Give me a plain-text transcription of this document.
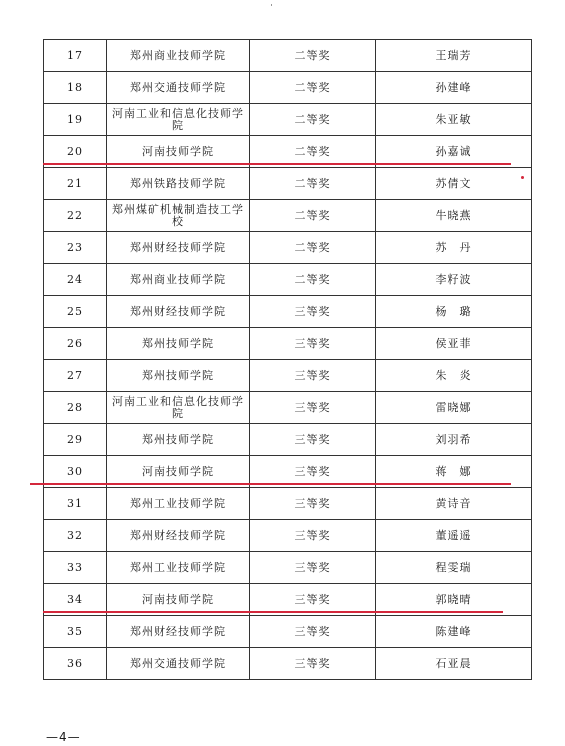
17	郑州商业技师学院	二等奖	王瑞芳
18	郑州交通技师学院	二等奖	孙建峰
19	河南工业和信息化技师学院	二等奖	朱亚敏
20	河南技师学院	二等奖	孙嘉诚
21	郑州铁路技师学院	二等奖	苏倩文
22	郑州煤矿机械制造技工学校	二等奖	牛晓燕
23	郑州财经技师学院	二等奖	苏　丹
24	郑州商业技师学院	二等奖	李籽波
25	郑州财经技师学院	三等奖	杨　璐
26	郑州技师学院	三等奖	侯亚菲
27	郑州技师学院	三等奖	朱　炎
28	河南工业和信息化技师学院	三等奖	雷晓娜
29	郑州技师学院	三等奖	刘羽希
30	河南技师学院	三等奖	蒋　娜
31	郑州工业技师学院	三等奖	黄诗音
32	郑州财经技师学院	三等奖	董遥遥
33	郑州工业技师学院	三等奖	程雯瑞
34	河南技师学院	三等奖	郭晓晴
35	郑州财经技师学院	三等奖	陈建峰
36	郑州交通技师学院	三等奖	石亚晨
—4—
